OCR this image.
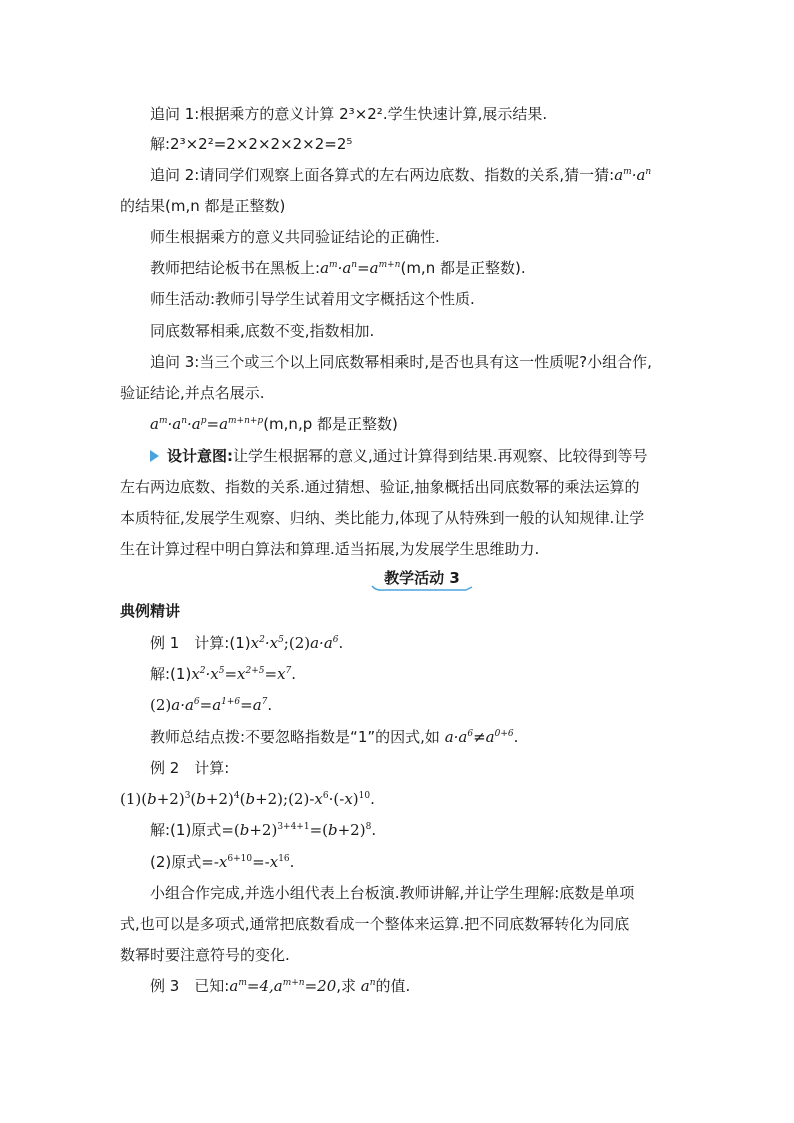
追问 1:根据乘方的意义计算 2³×2².学生快速计算,展示结果.
解:2³×2²=2×2×2×2×2=2⁵
追问 2:请同学们观察上面各算式的左右两边底数、指数的关系,猜一猜$:a^m\cdot a^n$
的结果(m,n 都是正整数)
师生根据乘方的意义共同验证结论的正确性.
教师把结论板书在黑板上$:a^m\cdot a^n=a^{m+n}(m,n$ 都是正整数).
师生活动:教师引导学生试着用文字概括这个性质.
同底数幂相乘,底数不变,指数相加.
追问 3:当三个或三个以上同底数幂相乘时,是否也具有这一性质呢?小组合作,
验证结论,并点名展示.
$a^m\cdot a^n\cdot a^p=a^{m+n+p}(m,n,p$ 都是正整数)
设计意图:让学生根据幂的意义,通过计算得到结果.再观察、比较得到等号
左右两边底数、指数的关系.通过猜想、验证,抽象概括出同底数幂的乘法运算的
本质特征,发展学生观察、归纳、类比能力,体现了从特殊到一般的认知规律.让学
生在计算过程中明白算法和算理.适当拓展,为发展学生思维助力.
教学活动 3
典例精讲
例 1　计算$:(1)x^2\cdot x^5;(2)a\cdot a^6$.
解$:(1)x^2\cdot x^5=x^{2+5}=x^7$.
$(2)a\cdot a^6=a^{1+6}=a^7$.
教师总结点拨:不要忽略指数是“1”的因式,如 $a\cdot a^6\ne a^{0+6}$.
例 2　计算:
$(1)(b+2)^3(b+2)^4(b+2);(2)-x^6\cdot(-x)^{10}$.
解:(1)原式$=(b+2)^{3+4+1}=(b+2)^8$.
(2)原式$=-x^{6+10}=-x^{16}$.
小组合作完成,并选小组代表上台板演.教师讲解,并让学生理解:底数是单项
式,也可以是多项式,通常把底数看成一个整体来运算.把不同底数幂转化为同底
数幂时要注意符号的变化.
例 3　已知$:a^m=4,a^{m+n}=20$,求 $a^n$的值.
